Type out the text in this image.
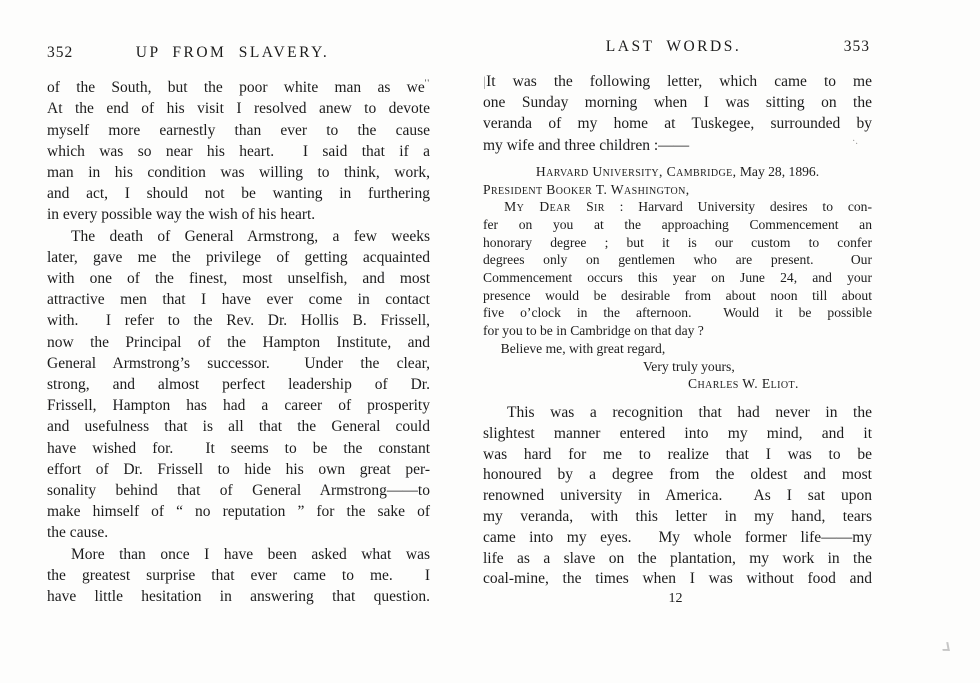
352	UP FROM SLAVERY.
of the South, but the poor white man as we''
At the end of his visit I resolved anew to devote
myself more earnestly than ever to the cause
which was so near his heart.  I said that if a
man in his condition was willing to think, work,
and act, I should not be wanting in furthering
in every possible way the wish of his heart.
The death of General Armstrong, a few weeks
later, gave me the privilege of getting acquainted
with one of the finest, most unselfish, and most
attractive men that I have ever come in contact
with.  I refer to the Rev. Dr. Hollis B. Frissell,
now the Principal of the Hampton Institute, and
General Armstrong’s successor.  Under the clear,
strong, and almost perfect leadership of Dr.
Frissell, Hampton has had a career of prosperity
and usefulness that is all that the General could
have wished for.  It seems to be the constant
effort of Dr. Frissell to hide his own great per-
sonality behind that of General Armstrong——to
make himself of “ no reputation ” for the sake of
the cause.
More than once I have been asked what was
the greatest surprise that ever came to me.  I
have little hesitation in answering that question.
LAST WORDS.	353
|It was the following letter, which came to me
one Sunday morning when I was sitting on the
veranda of my home at Tuskegee, surrounded by
my wife and three children :——
Harvard University, Cambridge, May 28, 1896.
President Booker T. Washington,
My Dear Sir : Harvard University desires to con-
fer on you at the approaching Commencement an
honorary degree ; but it is our custom to confer
degrees only on gentlemen who are present.  Our
Commencement occurs this year on June 24, and your
presence would be desirable from about noon till about
five o’clock in the afternoon.  Would it be possible
for you to be in Cambridge on that day ?
Believe me, with great regard,
Very truly yours,
Charles W. Eliot.
This was a recognition that had never in the
slightest manner entered into my mind, and it
was hard for me to realize that I was to be
honoured by a degree from the oldest and most
renowned university in America.  As I sat upon
my veranda, with this letter in my hand, tears
came into my eyes.  My whole former life——my
life as a slave on the plantation, my work in the
coal-mine, the times when I was without food and
12
·.
